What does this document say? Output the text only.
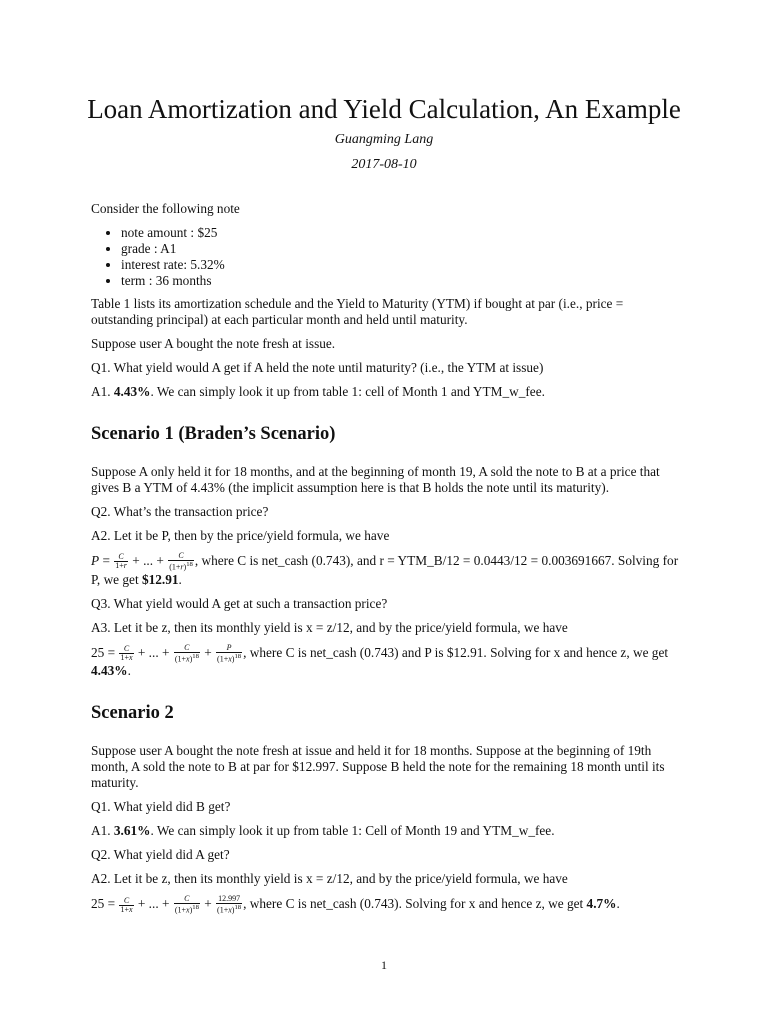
Loan Amortization and Yield Calculation, An Example
Guangming Lang
2017-08-10

Consider the following note

• note amount : $25
• grade : A1
• interest rate: 5.32%
• term : 36 months

Table 1 lists its amortization schedule and the Yield to Maturity (YTM) if bought at par (i.e., price = outstanding principal) at each particular month and held until maturity.

Suppose user A bought the note fresh at issue.

Q1. What yield would A get if A held the note until maturity? (i.e., the YTM at issue)

A1. 4.43%. We can simply look it up from table 1: cell of Month 1 and YTM_w_fee.

Scenario 1 (Braden’s Scenario)

Suppose A only held it for 18 months, and at the beginning of month 19, A sold the note to B at a price that gives B a YTM of 4.43% (the implicit assumption here is that B holds the note until its maturity).

Q2. What’s the transaction price?

A2. Let it be P, then by the price/yield formula, we have

$P = \frac{C}{1+r}$ + ... + $\frac{C}{(1+r)^{18}}$ , where C is net_cash (0.743), and r = YTM_B/12 = 0.0443/12 = 0.003691667. Solving for P, we get $12.91.

Q3. What yield would A get at such a transaction price?

A3. Let it be z, then its monthly yield is x = z/12, and by the price/yield formula, we have

$25 = \frac{C}{1+x}$ + ... + $\frac{C}{(1+x)^{18}} + \frac{P}{(1+x)^{18}}$ , where C is net_cash (0.743) and P is $12.91. Solving for x and hence z, we get 4.43%.

Scenario 2

Suppose user A bought the note fresh at issue and held it for 18 months. Suppose at the beginning of 19th month, A sold the note to B at par for $12.997. Suppose B held the note for the remaining 18 month until its maturity.

Q1. What yield did B get?

A1. 3.61%. We can simply look it up from table 1: Cell of Month 19 and YTM_w_fee.

Q2. What yield did A get?

A2. Let it be z, then its monthly yield is x = z/12, and by the price/yield formula, we have

$25 = \frac{C}{1+x}$ + ... + $\frac{C}{(1+x)^{18}} + \frac{12.997}{(1+x)^{18}}$ , where C is net_cash (0.743). Solving for x and hence z, we get 4.7%.

1
